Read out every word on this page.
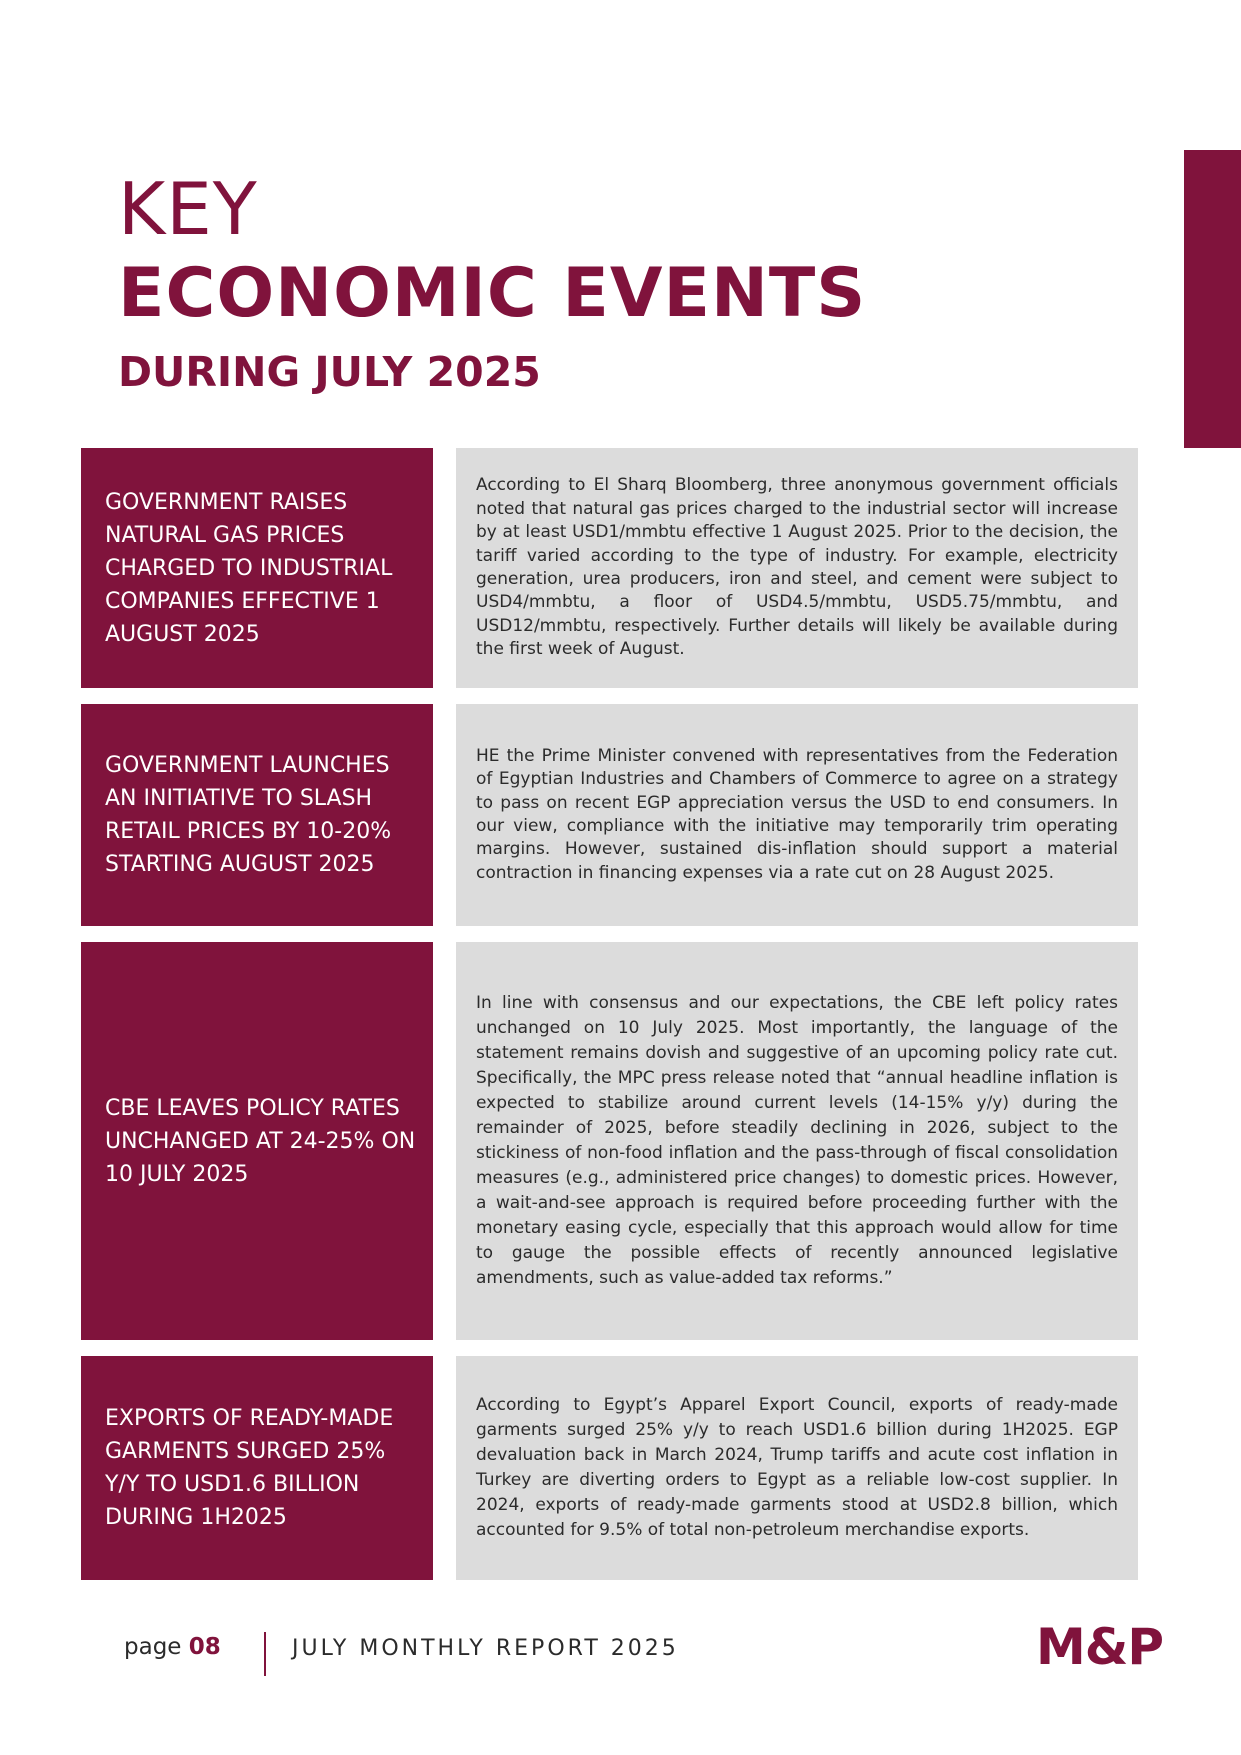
KEY
ECONOMIC EVENTS
DURING JULY 2025
GOVERNMENT RAISES NATURAL GAS PRICES CHARGED TO INDUSTRIAL COMPANIES EFFECTIVE 1 AUGUST 2025

According to El Sharq Bloomberg, three anonymous government officials noted that natural gas prices charged to the industrial sector will increase by at least USD1/mmbtu effective 1 August 2025. Prior to the decision, the tariff varied according to the type of industry. For example, electricity generation, urea producers, iron and steel, and cement were subject to USD4/mmbtu, a floor of USD4.5/mmbtu, USD5.75/mmbtu, and USD12/mmbtu, respectively. Further details will likely be available during the first week of August.

GOVERNMENT LAUNCHES AN INITIATIVE TO SLASH RETAIL PRICES BY 10-20% STARTING AUGUST 2025

HE the Prime Minister convened with representatives from the Federation of Egyptian Industries and Chambers of Commerce to agree on a strategy to pass on recent EGP appreciation versus the USD to end consumers. In our view, compliance with the initiative may temporarily trim operating margins. However, sustained dis-inflation should support a material contraction in financing expenses via a rate cut on 28 August 2025.

CBE LEAVES POLICY RATES UNCHANGED AT 24-25% ON 10 JULY 2025

In line with consensus and our expectations, the CBE left policy rates unchanged on 10 July 2025. Most importantly, the language of the statement remains dovish and suggestive of an upcoming policy rate cut. Specifically, the MPC press release noted that “annual headline inflation is expected to stabilize around current levels (14-15% y/y) during the remainder of 2025, before steadily declining in 2026, subject to the stickiness of non-food inflation and the pass-through of fiscal consolidation measures (e.g., administered price changes) to domestic prices. However, a wait-and-see approach is required before proceeding further with the monetary easing cycle, especially that this approach would allow for time to gauge the possible effects of recently announced legislative amendments, such as value-added tax reforms.”

EXPORTS OF READY-MADE GARMENTS SURGED 25% Y/Y TO USD1.6 BILLION DURING 1H2025

According to Egypt’s Apparel Export Council, exports of ready-made garments surged 25% y/y to reach USD1.6 billion during 1H2025. EGP devaluation back in March 2024, Trump tariffs and acute cost inflation in Turkey are diverting orders to Egypt as a reliable low-cost supplier. In 2024, exports of ready-made garments stood at USD2.8 billion, which accounted for 9.5% of total non-petroleum merchandise exports.

page 08	JULY MONTHLY REPORT 2025	M&P
